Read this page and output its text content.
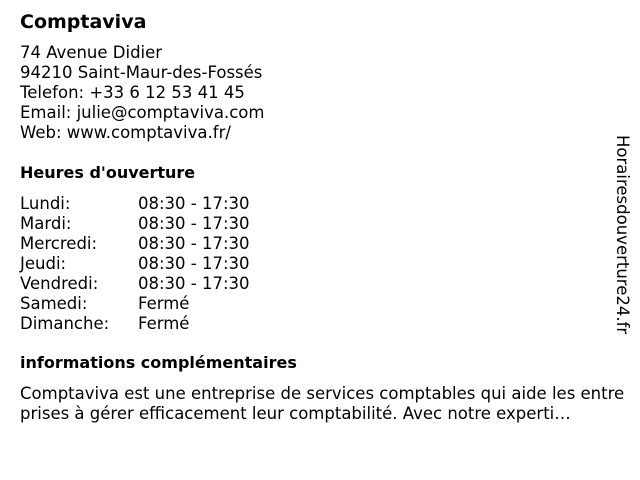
Comptaviva
74 Avenue Didier
94210 Saint-Maur-des-Fossés
Telefon: +33 6 12 53 41 45
Email: julie@comptaviva.com
Web: www.comptaviva.fr/
Heures d'ouverture
Lundi:	08:30 - 17:30
Mardi:	08:30 - 17:30
Mercredi: 08:30 - 17:30
Jeudi:	08:30 - 17:30
Vendredi: 08:30 - 17:30
Samedi:	Fermé
Dimanche: Fermé
informations complémentaires
Comptaviva est une entreprise de services comptables qui aide les entreprises à gérer efficacement leur comptabilité. Avec notre experti…
Horairesdouverture24.fr
